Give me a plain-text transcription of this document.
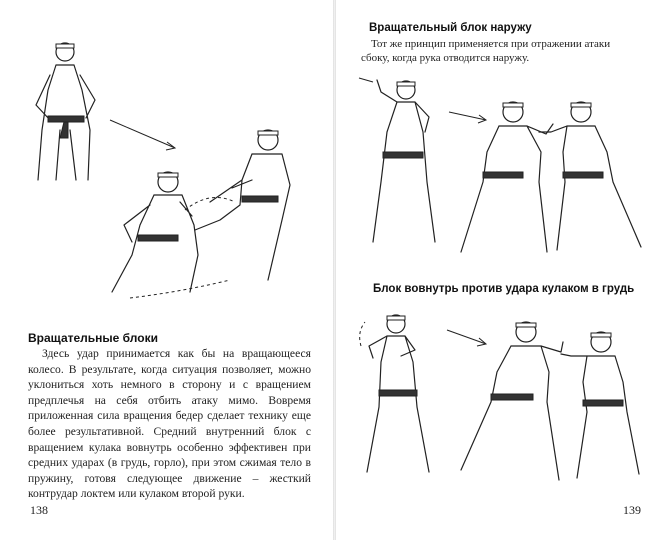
Вращательные блоки

Здесь удар принимается как бы на вращающееся колесо. В результате, когда ситуация позволяет, можно уклониться хоть немного в сторону и с вращением предплечья на себя отбить атаку мимо. Вовремя приложенная сила вращения бедер сделает технику еще более результативной. Средний внутренний блок с вращением кулака вовнутрь особенно эффективен при средних ударах (в грудь, горло), при этом сжимая тело в пружину, готовя следующее движение – жесткий контрудар локтем или кулаком второй руки.

138
Вращательный блок наружу

Тот же принцип применяется при отражении атаки сбоку, когда рука отводится наружу.

Блок вовнутрь против удара кулаком в грудь
139
